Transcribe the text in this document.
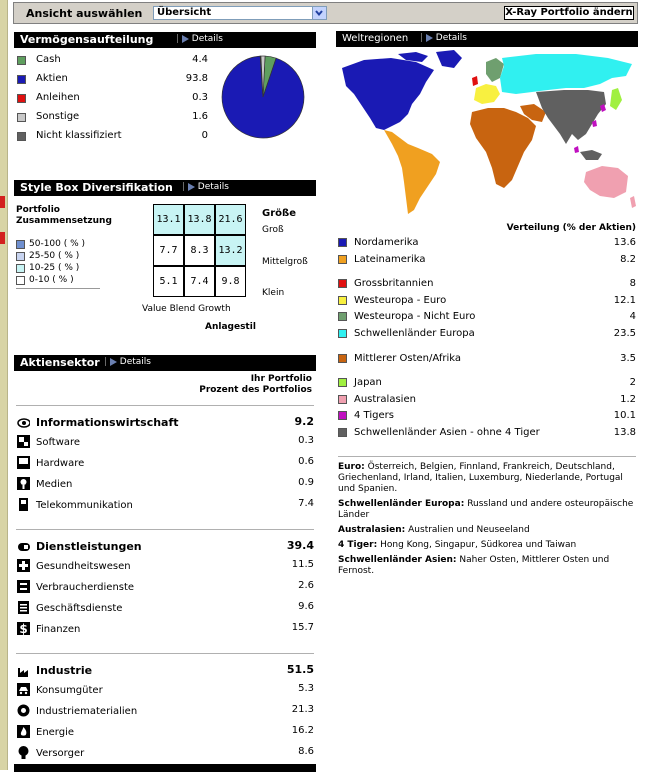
Ansicht auswählen Übersicht	X-Ray Portfolio ändern
Vermögensaufteilung	| Details
Cash	4.4
Aktien	93.8
Anleihen	0.3
Sonstige	1.6
Nicht klassifiziert	0
Style Box Diversifikation | Details
Portfolio
Zusammensetzung
50-100 ( % )
25-50 ( % )
10-25 ( % )
0-10 ( % )
13.1 13.8 21.6
7.7	8.3 13.2
5.1	7.4	9.8
Größe
Groß
Mittelgroß
Klein
Value Blend Growth
Anlagestil
Aktiensektor | Details
Ihr Portfolio
Prozent des Portfolios
Informationswirtschaft	9.2
Software	0.3
Hardware	0.6
Medien	0.9
Telekommunikation	7.4
Dienstleistungen	39.4
Gesundheitswesen	11.5
Verbraucherdienste	2.6
Geschäftsdienste	9.6
$ Finanzen	15.7
Industrie	51.5
Konsumgüter	5.3
Industriematerialien	21.3
Energie	16.2
Versorger	8.6
Weltregionen | Details
Verteilung (% der Aktien)
Nordamerika	13.6
Lateinamerika	8.2
Grossbritannien	8
Westeuropa - Euro	12.1
Westeuropa - Nicht Euro	4
Schwellenländer Europa	23.5
Mittlerer Osten/Afrika	3.5
Japan	2
Australasien	1.2
4 Tigers	10.1
Schwellenländer Asien - ohne 4 Tiger	13.8
Euro: Österreich, Belgien, Finnland, Frankreich, Deutschland, Griechenland, Irland, Italien, Luxemburg, Niederlande, Portugal und Spanien.
Schwellenländer Europa: Russland und andere osteuropäische Länder
Australasien: Australien und Neuseeland
4 Tiger: Hong Kong, Singapur, Südkorea und Taiwan
Schwellenländer Asien: Naher Osten, Mittlerer Osten und Fernost.
